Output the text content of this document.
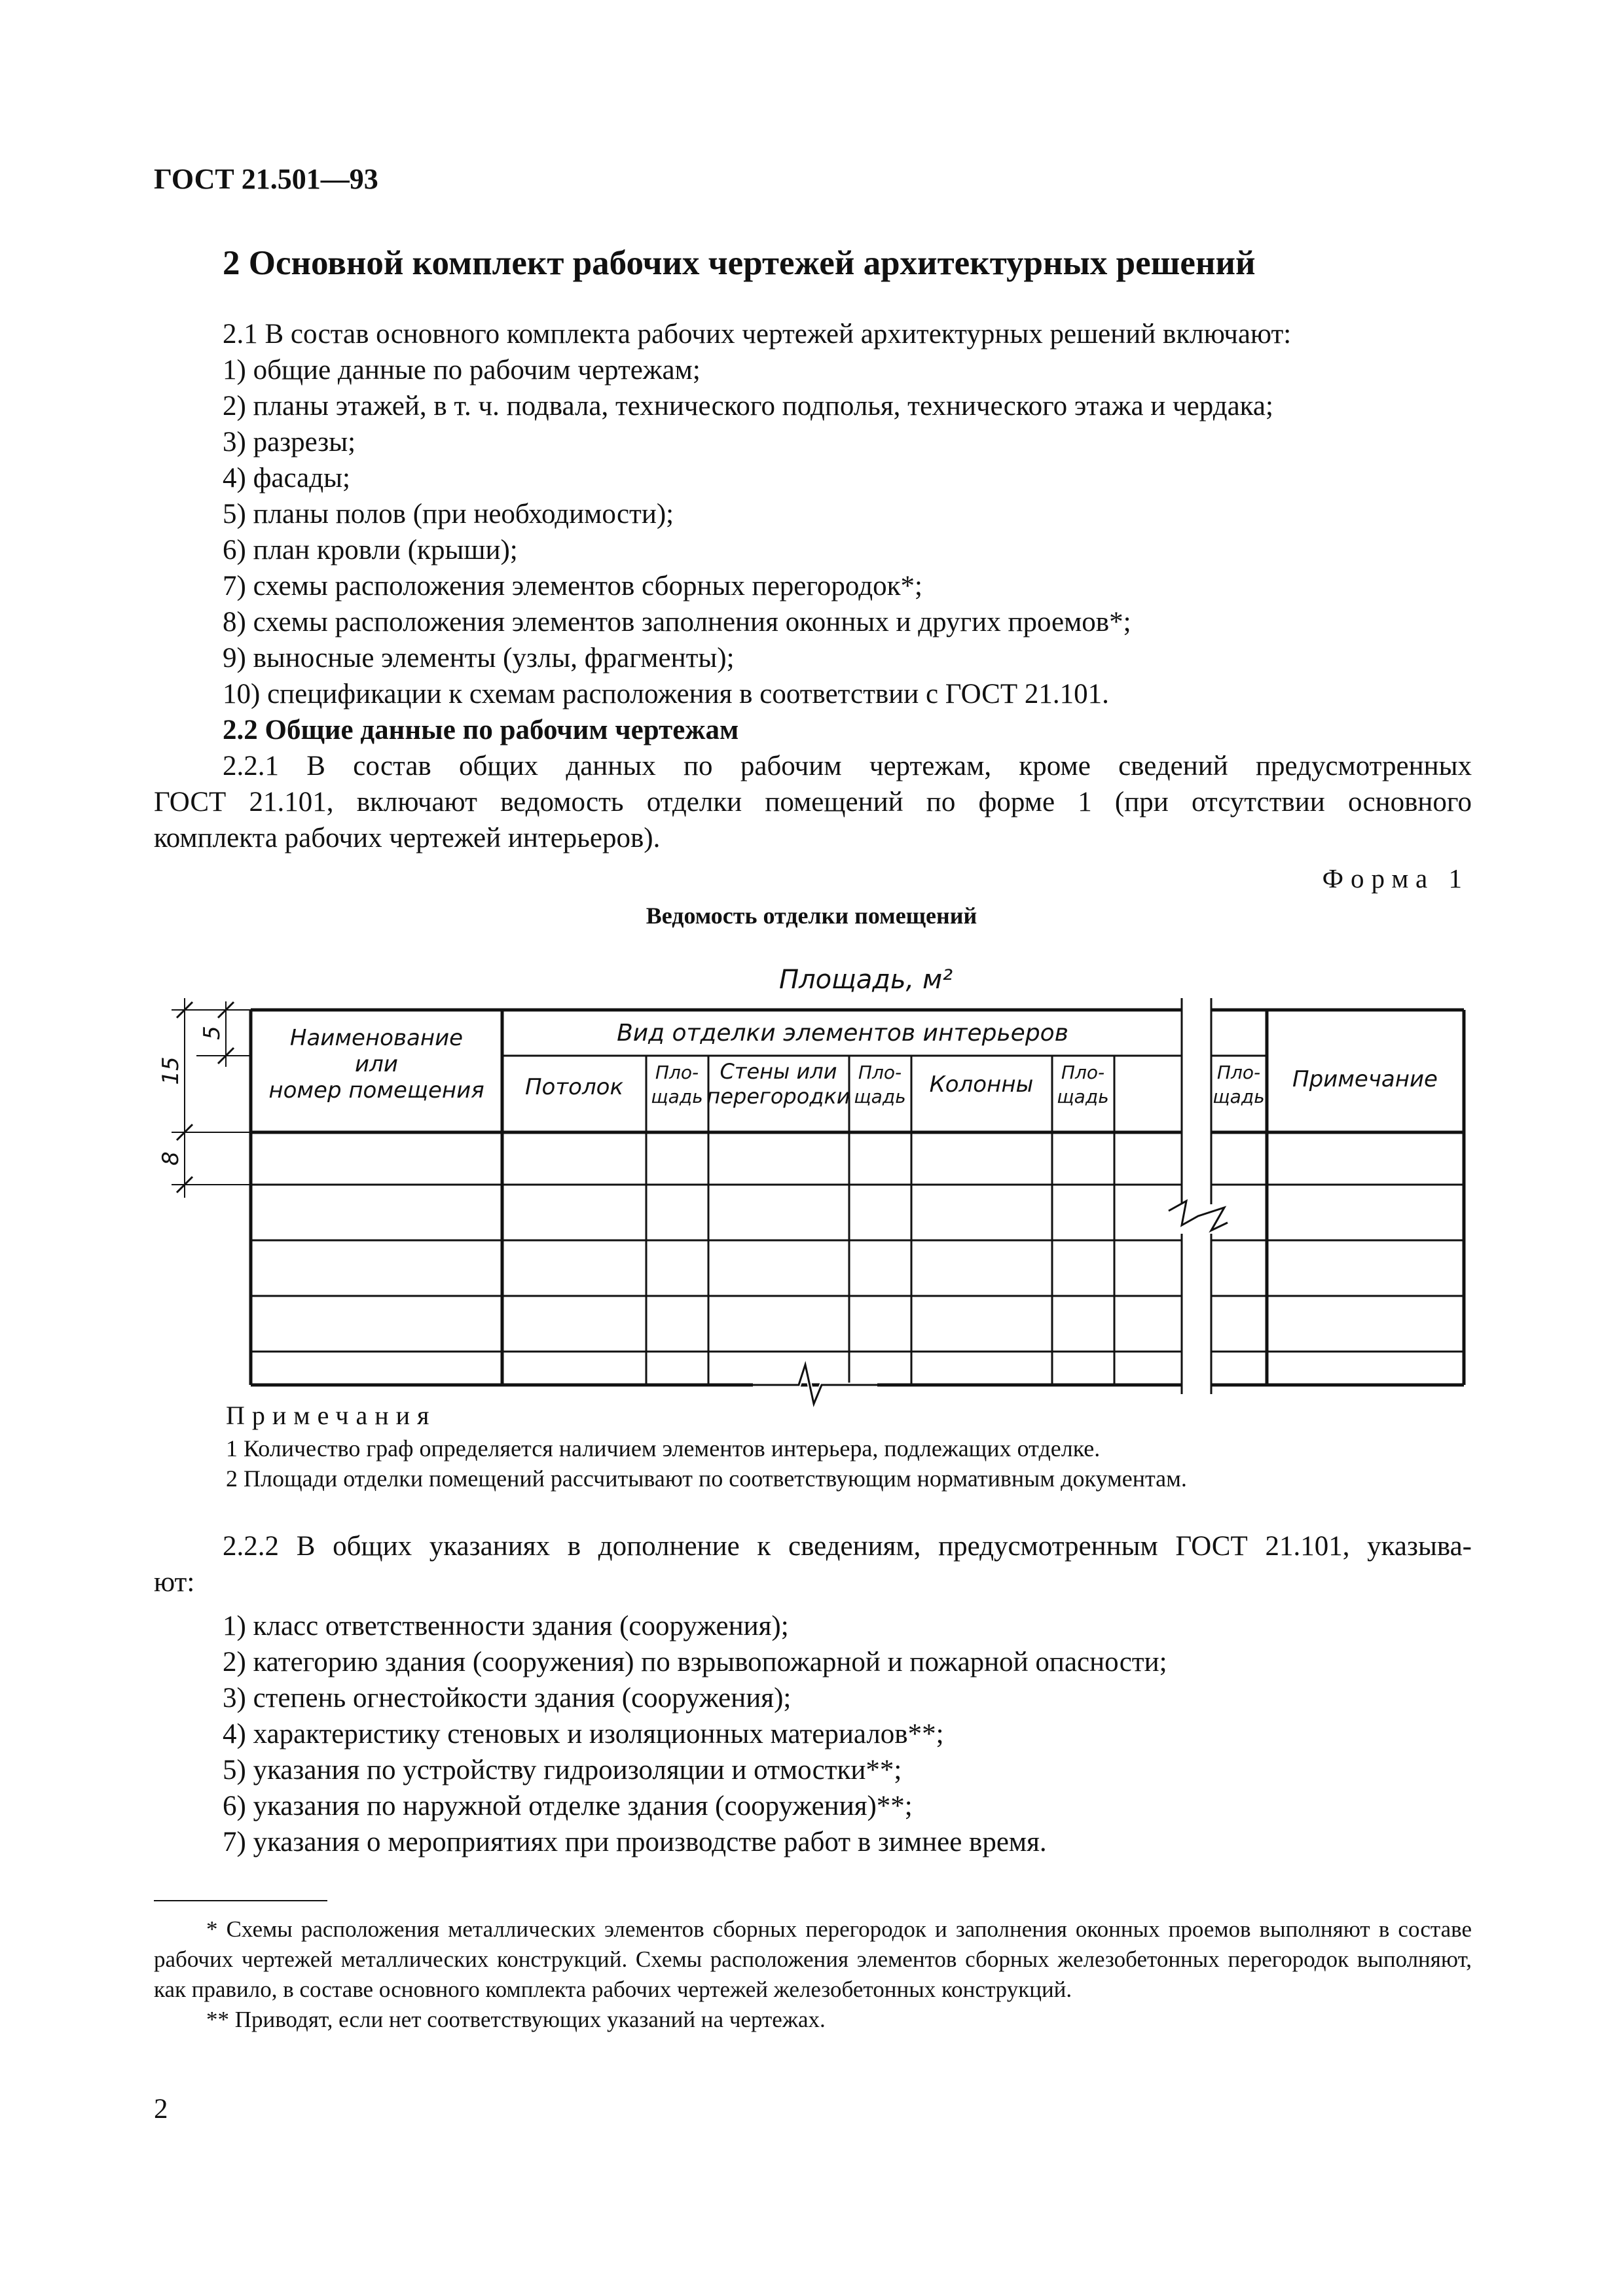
ГОСТ 21.501—93
2 Основной комплект рабочих чертежей архитектурных решений

2.1 В состав основного комплекта рабочих чертежей архитектурных решений включают:

1) общие данные по рабочим чертежам;

2) планы этажей, в т. ч. подвала, технического подполья, технического этажа и чердака;

3) разрезы;

4) фасады;

5) планы полов (при необходимости);

6) план кровли (крыши);

7) схемы расположения элементов сборных перегородок*;

8) схемы расположения элементов заполнения оконных и других проемов*;

9) выносные элементы (узлы, фрагменты);

10) спецификации к схемам расположения в соответствии с ГОСТ 21.101.

2.2 Общие данные по рабочим чертежам

2.2.1 В состав общих данных по рабочим чертежам, кроме сведений предусмотренных

ГОСТ 21.101, включают ведомость отделки помещений по форме 1 (при отсутствии основного

комплекта рабочих чертежей интерьеров).

Форма 1
Ведомость отделки помещений
Площадь, м²
Наименование
или
номер помещения
Вид отделки элементов интерьеров
Потолок
Пло-
щадь
Стены или
перегородки
Пло-
щадь Колонны Пло-
щадь
Пло-
щадь
Примечание
5
15
8
Примечания

1 Количество граф определяется наличием элементов интерьера, подлежащих отделке.

2 Площади отделки помещений рассчитывают по соответствующим нормативным документам.

2.2.2 В общих указаниях в дополнение к сведениям, предусмотренным ГОСТ 21.101, указыва-

ют:

1) класс ответственности здания (сооружения);

2) категорию здания (сооружения) по взрывопожарной и пожарной опасности;

3) степень огнестойкости здания (сооружения);

4) характеристику стеновых и изоляционных материалов**;

5) указания по устройству гидроизоляции и отмостки**;

6) указания по наружной отделке здания (сооружения)**;

7) указания о мероприятиях при производстве работ в зимнее время.

* Схемы расположения металлических элементов сборных перегородок и заполнения оконных проемов выполняют в составе рабочих чертежей металлических конструкций. Схемы расположения элементов сборных железобетонных перегородок выполняют, как правило, в составе основного комплекта рабочих чертежей железобетонных конструкций.

** Приводят, если нет соответствующих указаний на чертежах.

2
